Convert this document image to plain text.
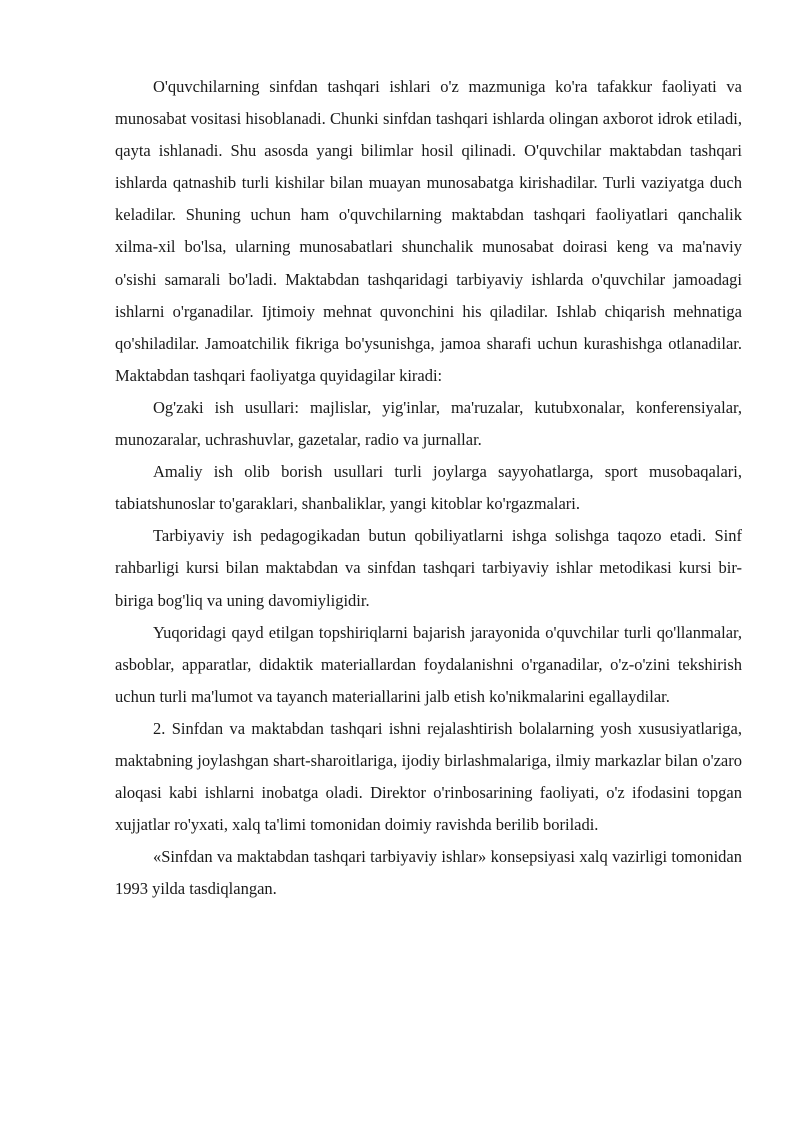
O'quvchilarning sinfdan tashqari ishlari o'z mazmuniga ko'ra tafakkur faoliyati va munosabat vositasi hisoblanadi. Chunki sinfdan tashqari ishlarda olingan axborot idrok etiladi, qayta ishlanadi. Shu asosda yangi bilimlar hosil qilinadi. O'quvchilar maktabdan tashqari ishlarda qatnashib turli kishilar bilan muayan munosabatga kirishadilar. Turli vaziyatga duch keladilar. Shuning uchun ham o'quvchilarning maktabdan tashqari faoliyatlari qanchalik xilma-xil bo'lsa, ularning munosabatlari shunchalik munosabat doirasi keng va ma'naviy o'sishi samarali bo'ladi. Maktabdan tashqaridagi tarbiyaviy ishlarda o'quvchilar jamoadagi ishlarni o'rganadilar. Ijtimoiy mehnat quvonchini his qiladilar. Ishlab chiqarish mehnatiga qo'shiladilar. Jamoatchilik fikriga bo'ysunishga, jamoa sharafi uchun kurashishga otlanadilar. Maktabdan tashqari faoliyatga quyidagilar kiradi:

Og'zaki ish usullari: majlislar, yig'inlar, ma'ruzalar, kutubxonalar, konferensiyalar, munozaralar, uchrashuvlar, gazetalar, radio va jurnallar.

Amaliy ish olib borish usullari turli joylarga sayyohatlarga, sport musobaqalari, tabiatshunoslar to'garaklari, shanbaliklar, yangi kitoblar ko'rgazmalari.

Tarbiyaviy ish pedagogikadan butun qobiliyatlarni ishga solishga taqozo etadi. Sinf rahbarligi kursi bilan maktabdan va sinfdan tashqari tarbiyaviy ishlar metodikasi kursi bir-biriga bog'liq va uning davomiyligidir.

Yuqoridagi qayd etilgan topshiriqlarni bajarish jarayonida o'quvchilar turli qo'llanmalar, asboblar, apparatlar, didaktik materiallardan foydalanishni o'rganadilar, o'z-o'zini tekshirish uchun turli ma'lumot va tayanch materiallarini jalb etish ko'nikmalarini egallaydilar.

2. Sinfdan va maktabdan tashqari ishni rejalashtirish bolalarning yosh xususiyatlariga, maktabning joylashgan shart-sharoitlariga, ijodiy birlashmalariga, ilmiy markazlar bilan o'zaro aloqasi kabi ishlarni inobatga oladi. Direktor o'rinbosarining faoliyati, o'z ifodasini topgan xujjatlar ro'yxati, xalq ta'limi tomonidan doimiy ravishda berilib boriladi.

«Sinfdan va maktabdan tashqari tarbiyaviy ishlar» konsepsiyasi xalq vazirligi tomonidan 1993 yilda tasdiqlangan.
